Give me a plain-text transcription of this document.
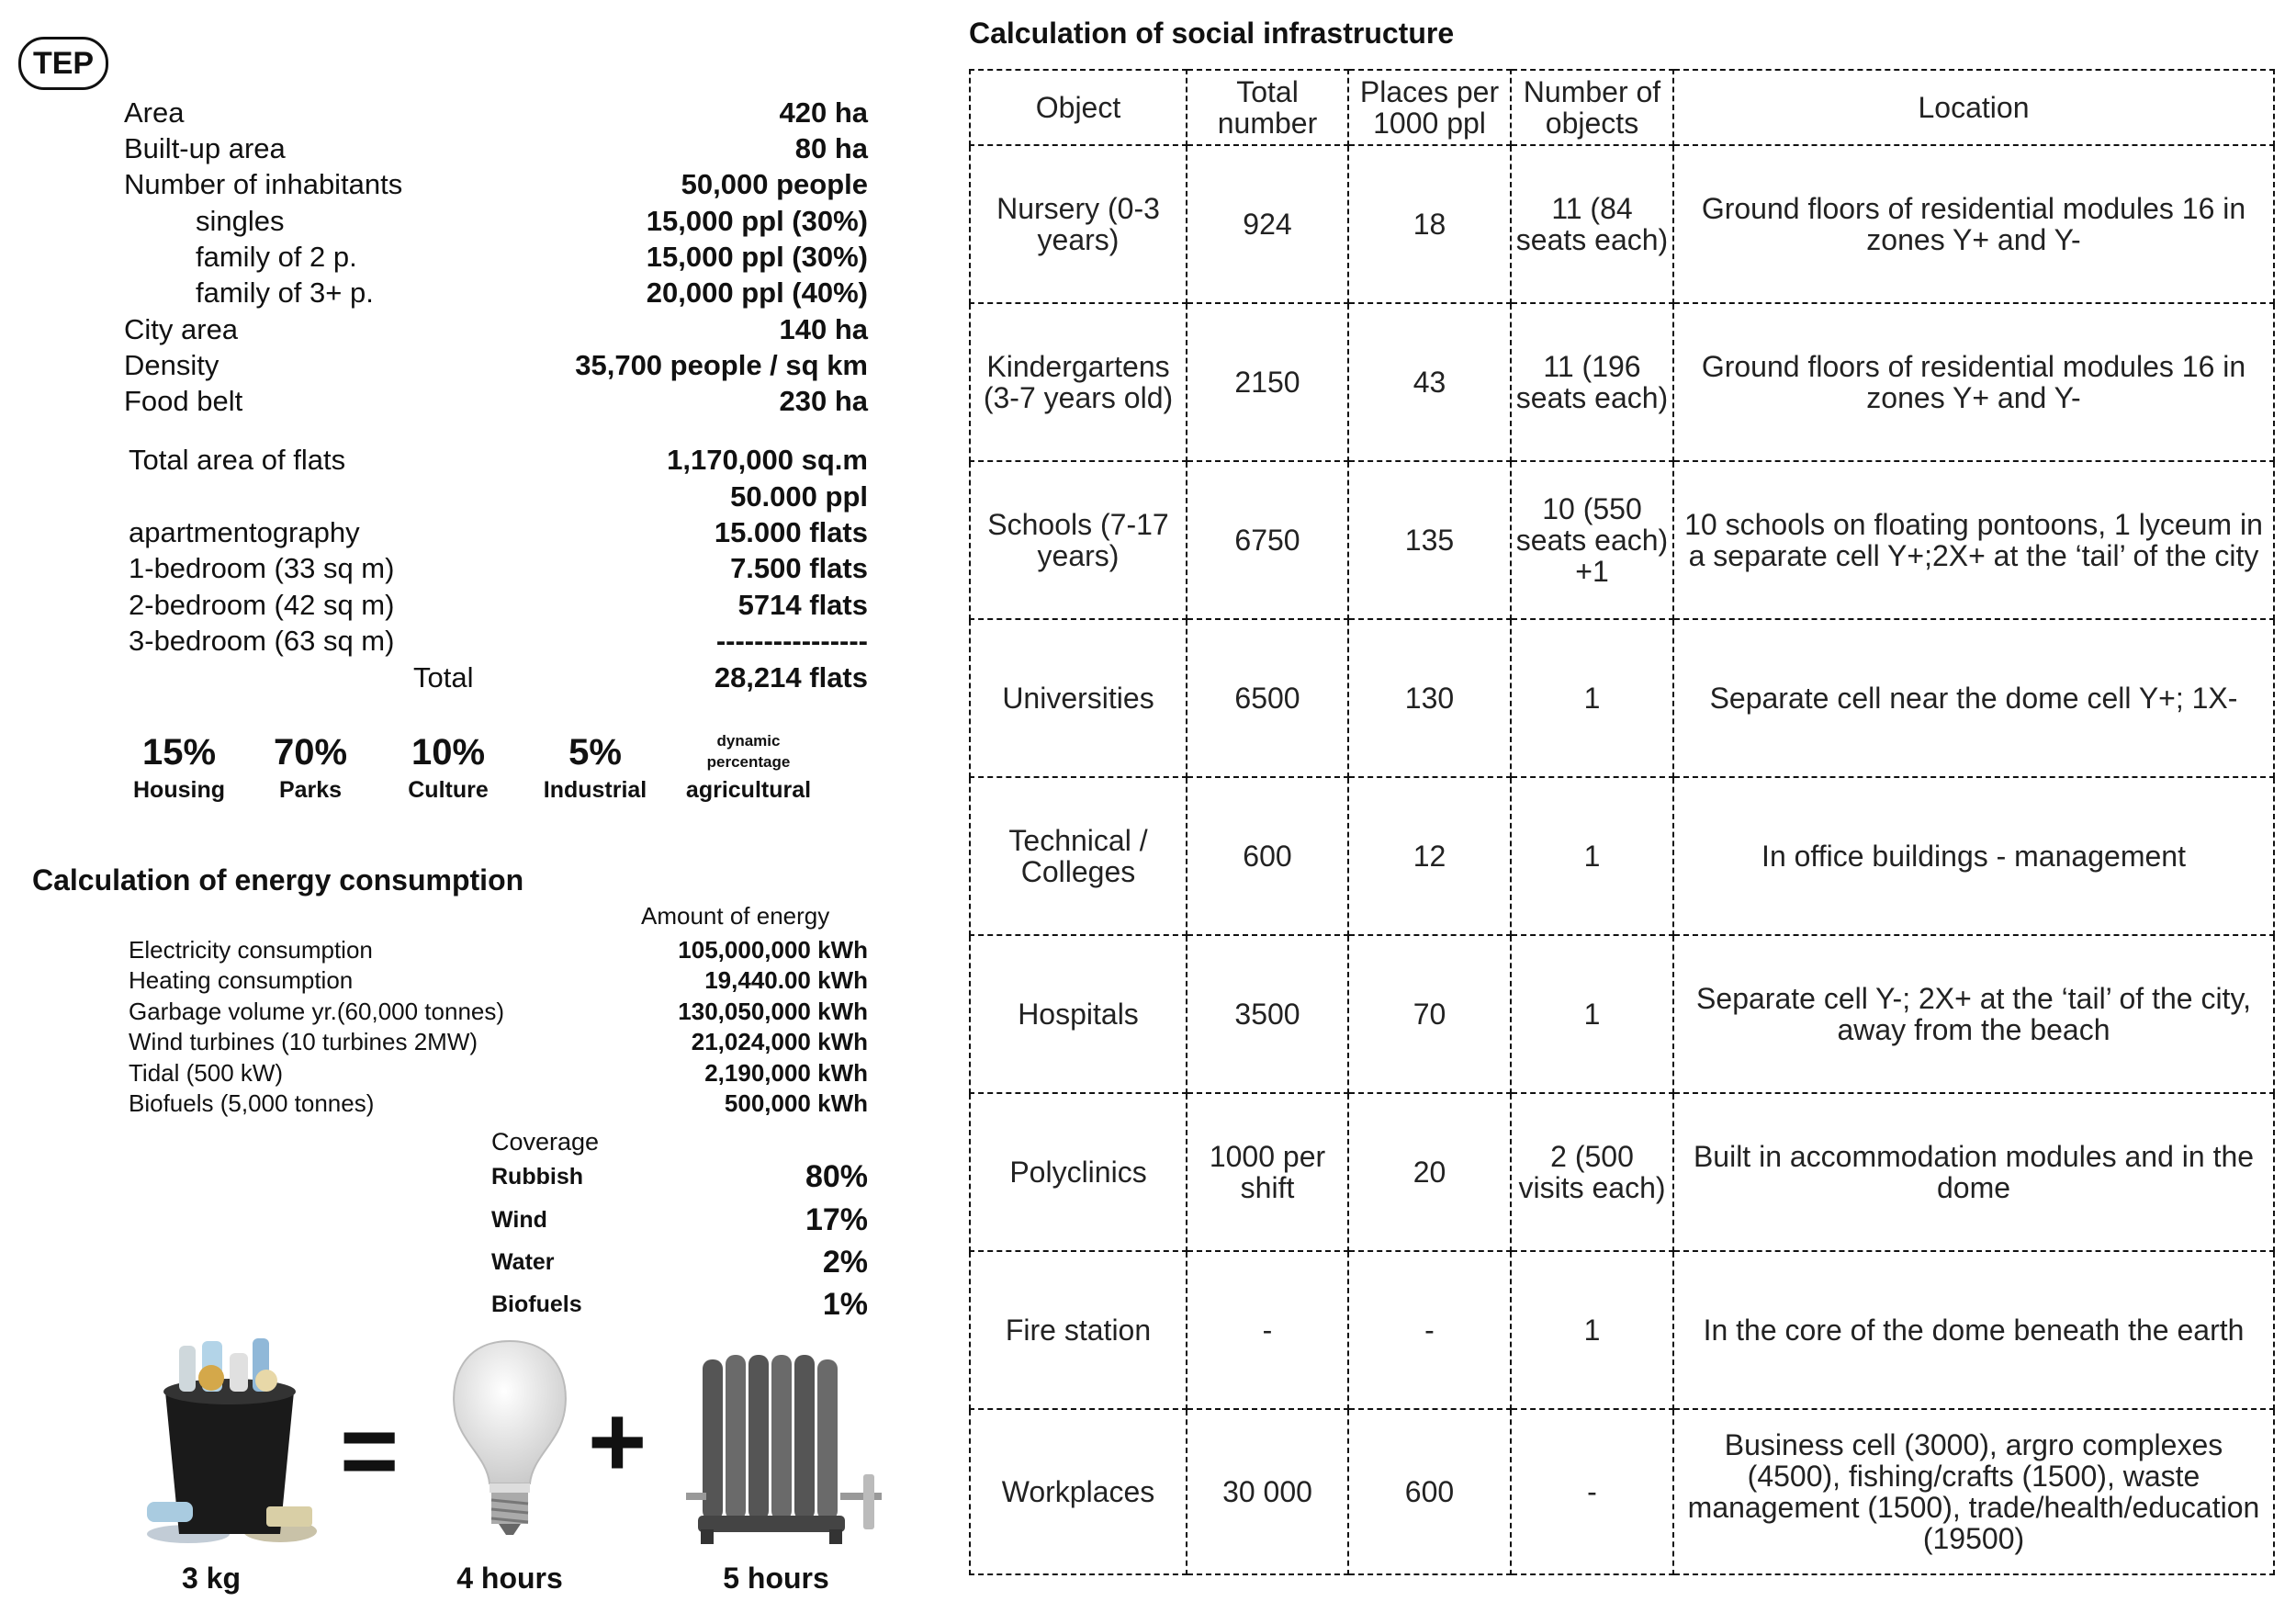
TEP
Area	420 ha
Built-up area	80 ha
Number of inhabitants	50,000 people
singles	15,000 ppl (30%)
family of 2 p.	15,000 ppl (30%)
family of 3+ p.	20,000 ppl (40%)
City area	140 ha
Density	35,700 people / sq km
Food belt	230 ha
Total area of flats	1,170,000 sq.m
50.000 ppl
apartmentography	15.000 flats
1-bedroom (33 sq m)	7.500 flats
2-bedroom (42 sq m)	5714 flats
3-bedroom (63 sq m)	----------------
Total	28,214 flats
15%
Housing
70%
Parks
10%
Culture
5%
Industrial
dynamic percentage
agricultural
Calculation of energy consumption
Amount of energy
Electricity consumption	105,000,000 kWh
Heating consumption	19,440.00 kWh
Garbage volume yr.(60,000 tonnes)	130,050,000 kWh
Wind turbines (10 turbines 2MW)	21,024,000 kWh
Tidal (500 kW)	2,190,000 kWh
Biofuels (5,000 tonnes)	500,000 kWh
Coverage
Rubbish	80%
Wind	17%
Water	2%
Biofuels	1%
= +
3 kg	4 hours	5 hours
Calculation of social infrastructure
Object	Total number	Places per 1000 ppl	Number of objects	Location
Nursery (0-3 years)	924	18	11 (84 seats each)	Ground floors of residential modules 16 in zones Y+ and Y-
Kindergartens (3-7 years old)	2150	43	11 (196 seats each)	Ground floors of residential modules 16 in zones Y+ and Y-
Schools (7-17 years)	6750	135	10 (550 seats each) +1	10 schools on floating pontoons, 1 lyceum in a separate cell Y+;2X+ at the ‘tail’ of the city
Universities	6500	130	1	Separate cell near the dome cell Y+; 1X-
Technical / Colleges	600	12	1	In office buildings - management
Hospitals	3500	70	1	Separate cell Y-; 2X+ at the ‘tail’ of the city, away from the beach
Polyclinics	1000 per shift	20	2 (500 visits each)	Built in accommodation modules and in the dome
Fire station	-	-	1	In the core of the dome beneath the earth
Workplaces	30 000	600	-	Business cell (3000), argro complexes (4500), fishing/crafts (1500), waste management (1500), trade/health/education (19500)
